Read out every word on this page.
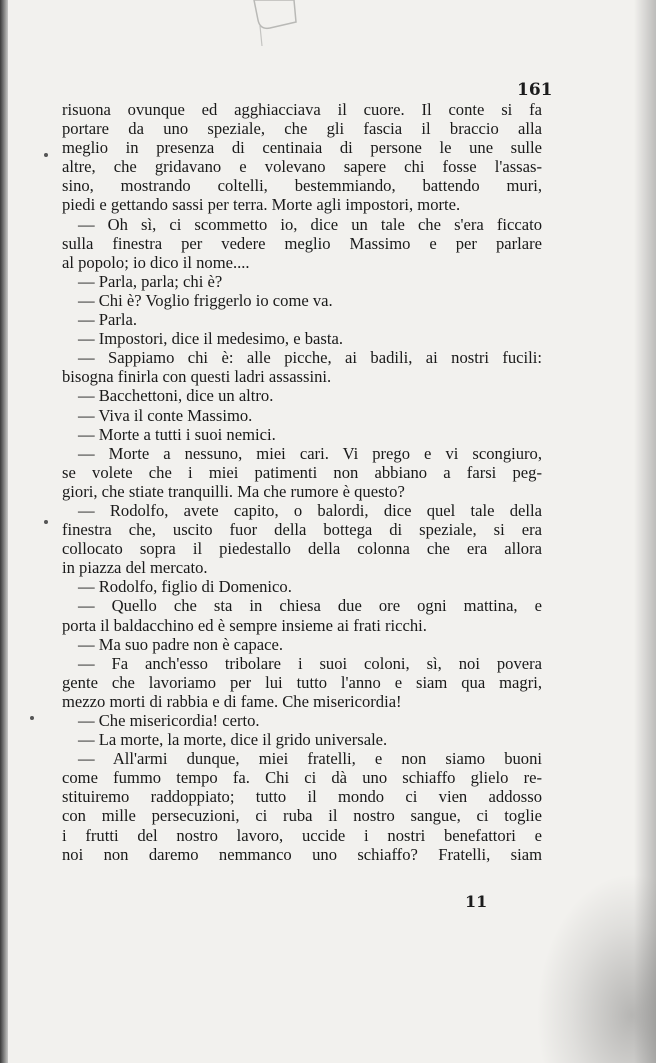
161
risuona ovunque ed agghiacciava il cuore. Il conte si fa
portare da uno speziale, che gli fascia il braccio alla
meglio in presenza di centinaia di persone le une sulle
altre, che gridavano e volevano sapere chi fosse l'assas-
sino, mostrando coltelli, bestemmiando, battendo muri,
piedi e gettando sassi per terra. Morte agli impostori, morte.
— Oh sì, ci scommetto io, dice un tale che s'era ficcato
sulla finestra per vedere meglio Massimo e per parlare
al popolo; io dico il nome....
— Parla, parla; chi è?
— Chi è? Voglio friggerlo io come va.
— Parla.
— Impostori, dice il medesimo, e basta.
— Sappiamo chi è: alle picche, ai badili, ai nostri fucili:
bisogna finirla con questi ladri assassini.
— Bacchettoni, dice un altro.
— Viva il conte Massimo.
— Morte a tutti i suoi nemici.
— Morte a nessuno, miei cari. Vi prego e vi scongiuro,
se volete che i miei patimenti non abbiano a farsi peg-
giori, che stiate tranquilli. Ma che rumore è questo?
— Rodolfo, avete capito, o balordi, dice quel tale della
finestra che, uscito fuor della bottega di speziale, si era
collocato sopra il piedestallo della colonna che era allora
in piazza del mercato.
— Rodolfo, figlio di Domenico.
— Quello che sta in chiesa due ore ogni mattina, e
porta il baldacchino ed è sempre insieme ai frati ricchi.
— Ma suo padre non è capace.
— Fa anch'esso tribolare i suoi coloni, sì, noi povera
gente che lavoriamo per lui tutto l'anno e siam qua magri,
mezzo morti di rabbia e di fame. Che misericordia!
— Che misericordia! certo.
— La morte, la morte, dice il grido universale.
— All'armi dunque, miei fratelli, e non siamo buoni
come fummo tempo fa. Chi ci dà uno schiaffo glielo re-
stituiremo raddoppiato; tutto il mondo ci vien addosso
con mille persecuzioni, ci ruba il nostro sangue, ci toglie
i frutti del nostro lavoro, uccide i nostri benefattori e
noi non daremo nemmanco uno schiaffo? Fratelli, siam
11
